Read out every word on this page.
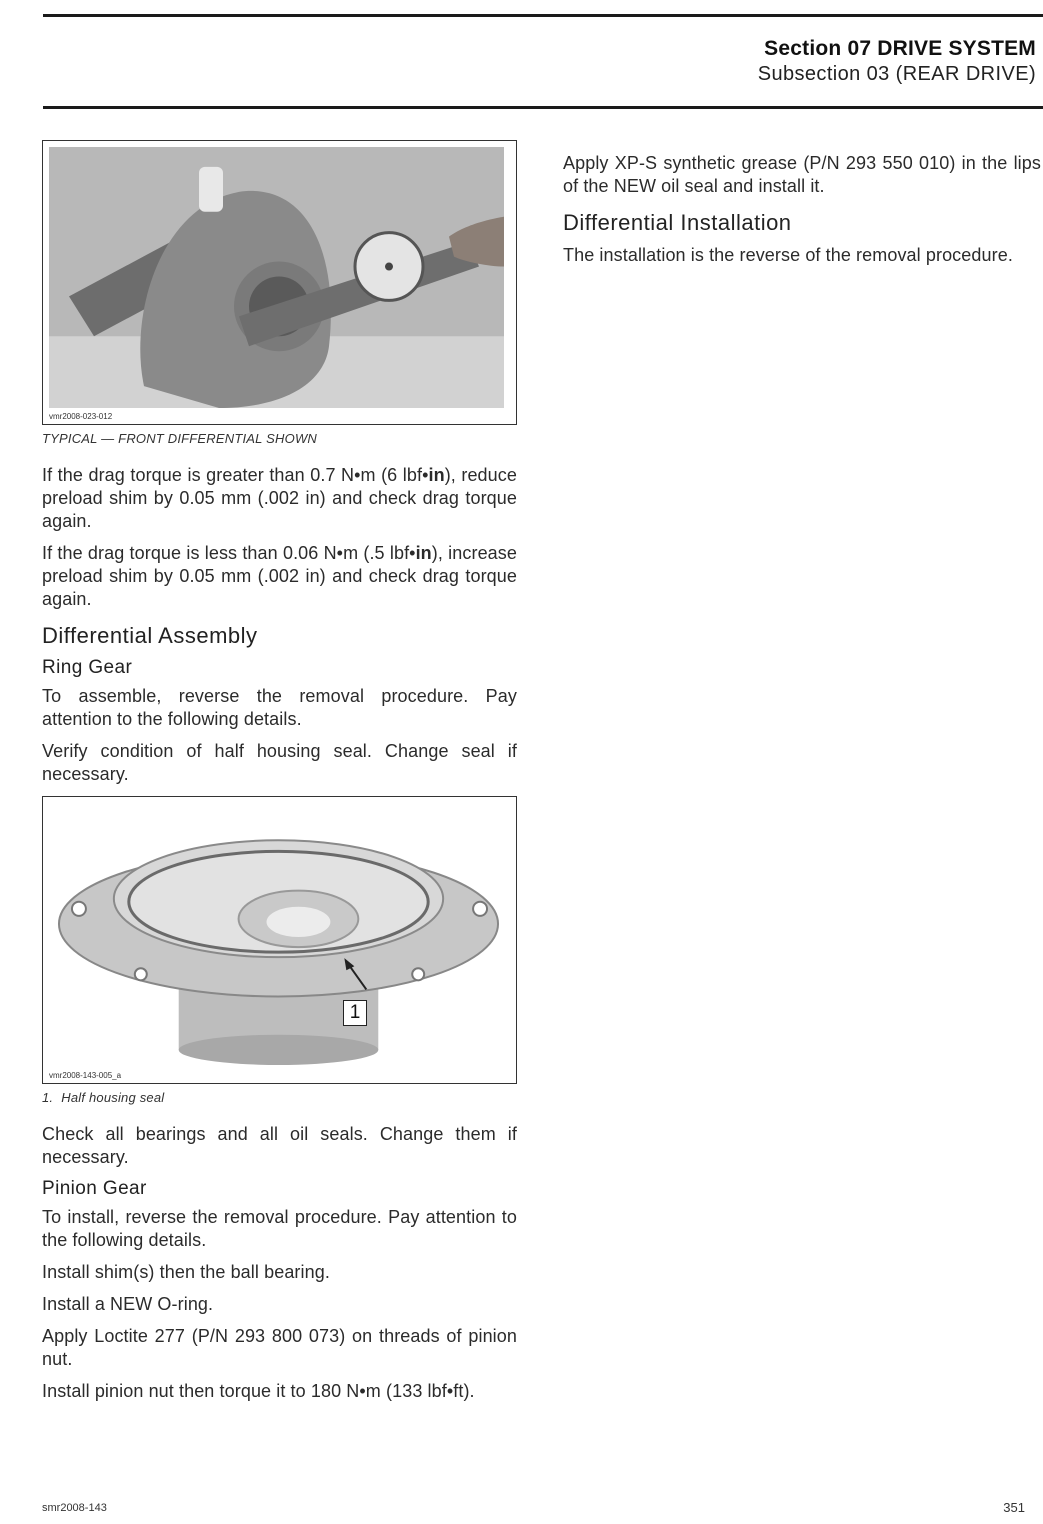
Section 07 DRIVE SYSTEM
Subsection 03 (REAR DRIVE)
vmr2008-023-012
TYPICAL — FRONT DIFFERENTIAL SHOWN

If the drag torque is greater than 0.7 N•m (6 lbf•in), reduce preload shim by 0.05 mm (.002 in) and check drag torque again.

If the drag torque is less than 0.06 N•m (.5 lbf•in), increase preload shim by 0.05 mm (.002 in) and check drag torque again.

Differential Assembly
Ring Gear

To assemble, reverse the removal procedure. Pay attention to the following details.

Verify condition of half housing seal. Change seal if necessary.

1
vmr2008-143-005_a
1. Half housing seal

Check all bearings and all oil seals. Change them if necessary.

Pinion Gear

To install, reverse the removal procedure. Pay attention to the following details.

Install shim(s) then the ball bearing.

Install a NEW O-ring.

Apply Loctite 277 (P/N 293 800 073) on threads of pinion nut.

Install pinion nut then torque it to 180 N•m (133 lbf•ft).

Apply XP-S synthetic grease (P/N 293 550 010) in the lips of the NEW oil seal and install it.

Differential Installation

The installation is the reverse of the removal procedure.

smr2008-143	351
